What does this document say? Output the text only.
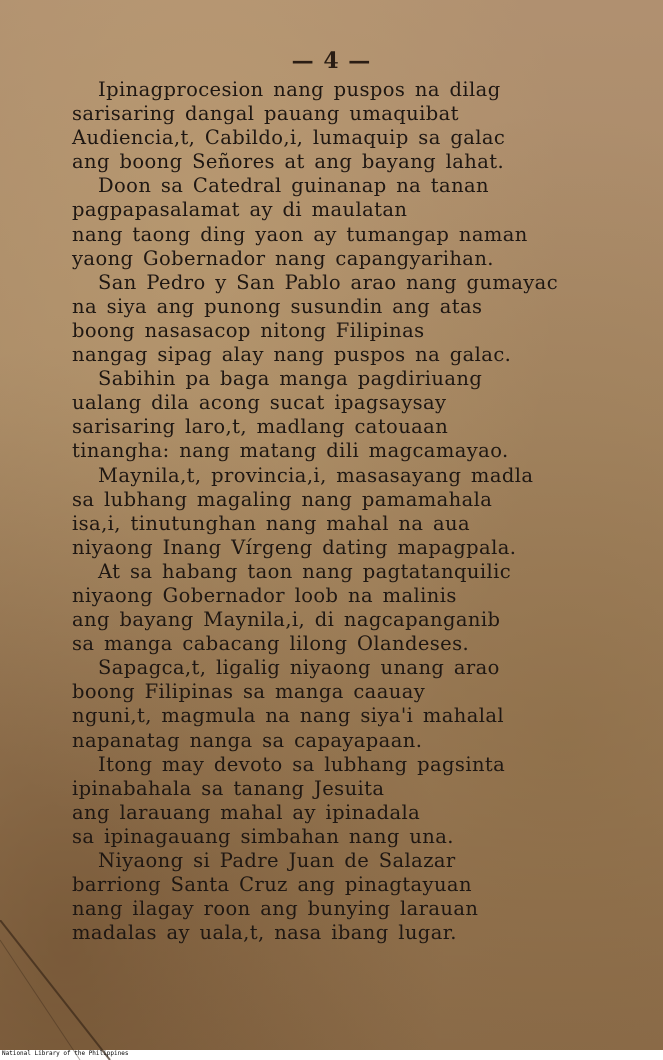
— 4 —
Ipinagprocesion nang puspos na dilag
sarisaring dangal pauang umaquibat
Audiencia,t, Cabildo,i, lumaquip sa galac
ang boong Señores at ang bayang lahat.
Doon sa Catedral guinanap na tanan
pagpapasalamat ay di maulatan
nang taong ding yaon ay tumangap naman
yaong Gobernador nang capangyarihan.
San Pedro y San Pablo arao nang gumayac
na siya ang punong susundin ang atas
boong nasasacop nitong Filipinas
nangag sipag alay nang puspos na galac.
Sabihin pa baga manga pagdiriuang
ualang dila acong sucat ipagsaysay
sarisaring laro,t, madlang catouaan
tinangha: nang matang dili magcamayao.
Maynila,t, provincia,i, masasayang madla
sa lubhang magaling nang pamamahala
isa,i, tinutunghan nang mahal na aua
niyaong Inang Vírgeng dating mapagpala.
At sa habang taon nang pagtatanquilic
niyaong Gobernador loob na malinis
ang bayang Maynila,i, di nagcapanganib
sa manga cabacang lilong Olandeses.
Sapagca,t, ligalig niyaong unang arao
boong Filipinas sa manga caauay
nguni,t, magmula na nang siya'i mahalal
napanatag nanga sa capayapaan.
Itong may devoto sa lubhang pagsinta
ipinabahala sa tanang Jesuita
ang larauang mahal ay ipinadala
sa ipinagauang simbahan nang una.
Niyaong si Padre Juan de Salazar
barriong Santa Cruz ang pinagtayuan
nang ilagay roon ang bunying larauan
madalas ay uala,t, nasa ibang lugar.
National Library of the Philippines
